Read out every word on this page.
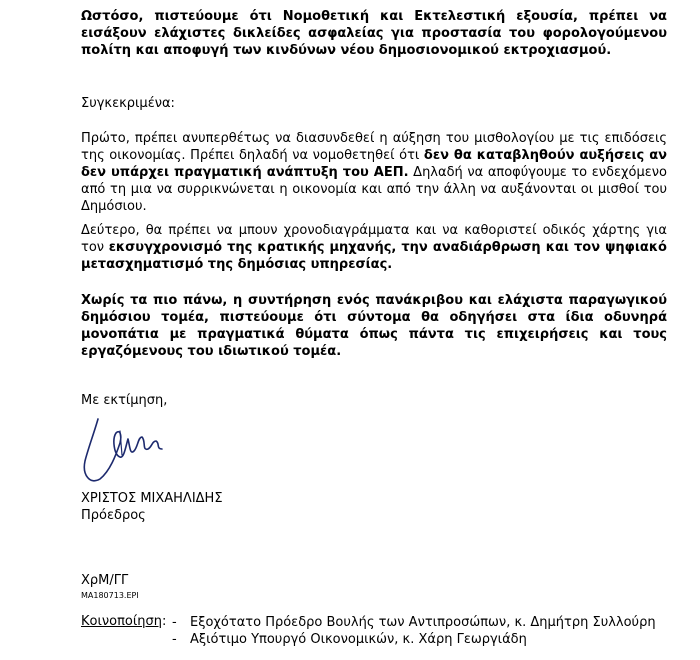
Ωστόσο, πιστεύουμε ότι Νομοθετική και Εκτελεστική εξουσία, πρέπει να εισάξουν ελάχιστες δικλείδες ασφαλείας για προστασία του φορολογούμενου πολίτη και αποφυγή των κινδύνων νέου δημοσιονομικού εκτροχιασμού.

Συγκεκριμένα:

Πρώτο, πρέπει ανυπερθέτως να διασυνδεθεί η αύξηση του μισθολογίου με τις επιδόσεις της οικονομίας. Πρέπει δηλαδή να νομοθετηθεί ότι δεν θα καταβληθούν αυξήσεις αν δεν υπάρχει πραγματική ανάπτυξη του ΑΕΠ. Δηλαδή να αποφύγουμε το ενδεχόμενο από τη μια να συρρικνώνεται η οικονομία και από την άλλη να αυξάνονται οι μισθοί του Δημόσιου.

Δεύτερο, θα πρέπει να μπουν χρονοδιαγράμματα και να καθοριστεί οδικός χάρτης για τον εκσυγχρονισμό της κρατικής μηχανής, την αναδιάρθρωση και τον ψηφιακό μετασχηματισμό της δημόσιας υπηρεσίας.

Χωρίς τα πιο πάνω, η συντήρηση ενός πανάκριβου και ελάχιστα παραγωγικού δημόσιου τομέα, πιστεύουμε ότι σύντομα θα οδηγήσει στα ίδια οδυνηρά μονοπάτια με πραγματικά θύματα όπως πάντα τις επιχειρήσεις και τους εργαζόμενους του ιδιωτικού τομέα.

Με εκτίμηση,
ΧΡΙΣΤΟΣ ΜΙΧΑΗΛΙΔΗΣ
Πρόεδρος
ΧρΜ/ΓΓ
MA180713.EPI
Κοινοποίηση: - Εξοχότατο Πρόεδρο Βουλής των Αντιπροσώπων, κ. Δημήτρη Συλλούρη
- Αξιότιμο Υπουργό Οικονομικών, κ. Χάρη Γεωργιάδη
